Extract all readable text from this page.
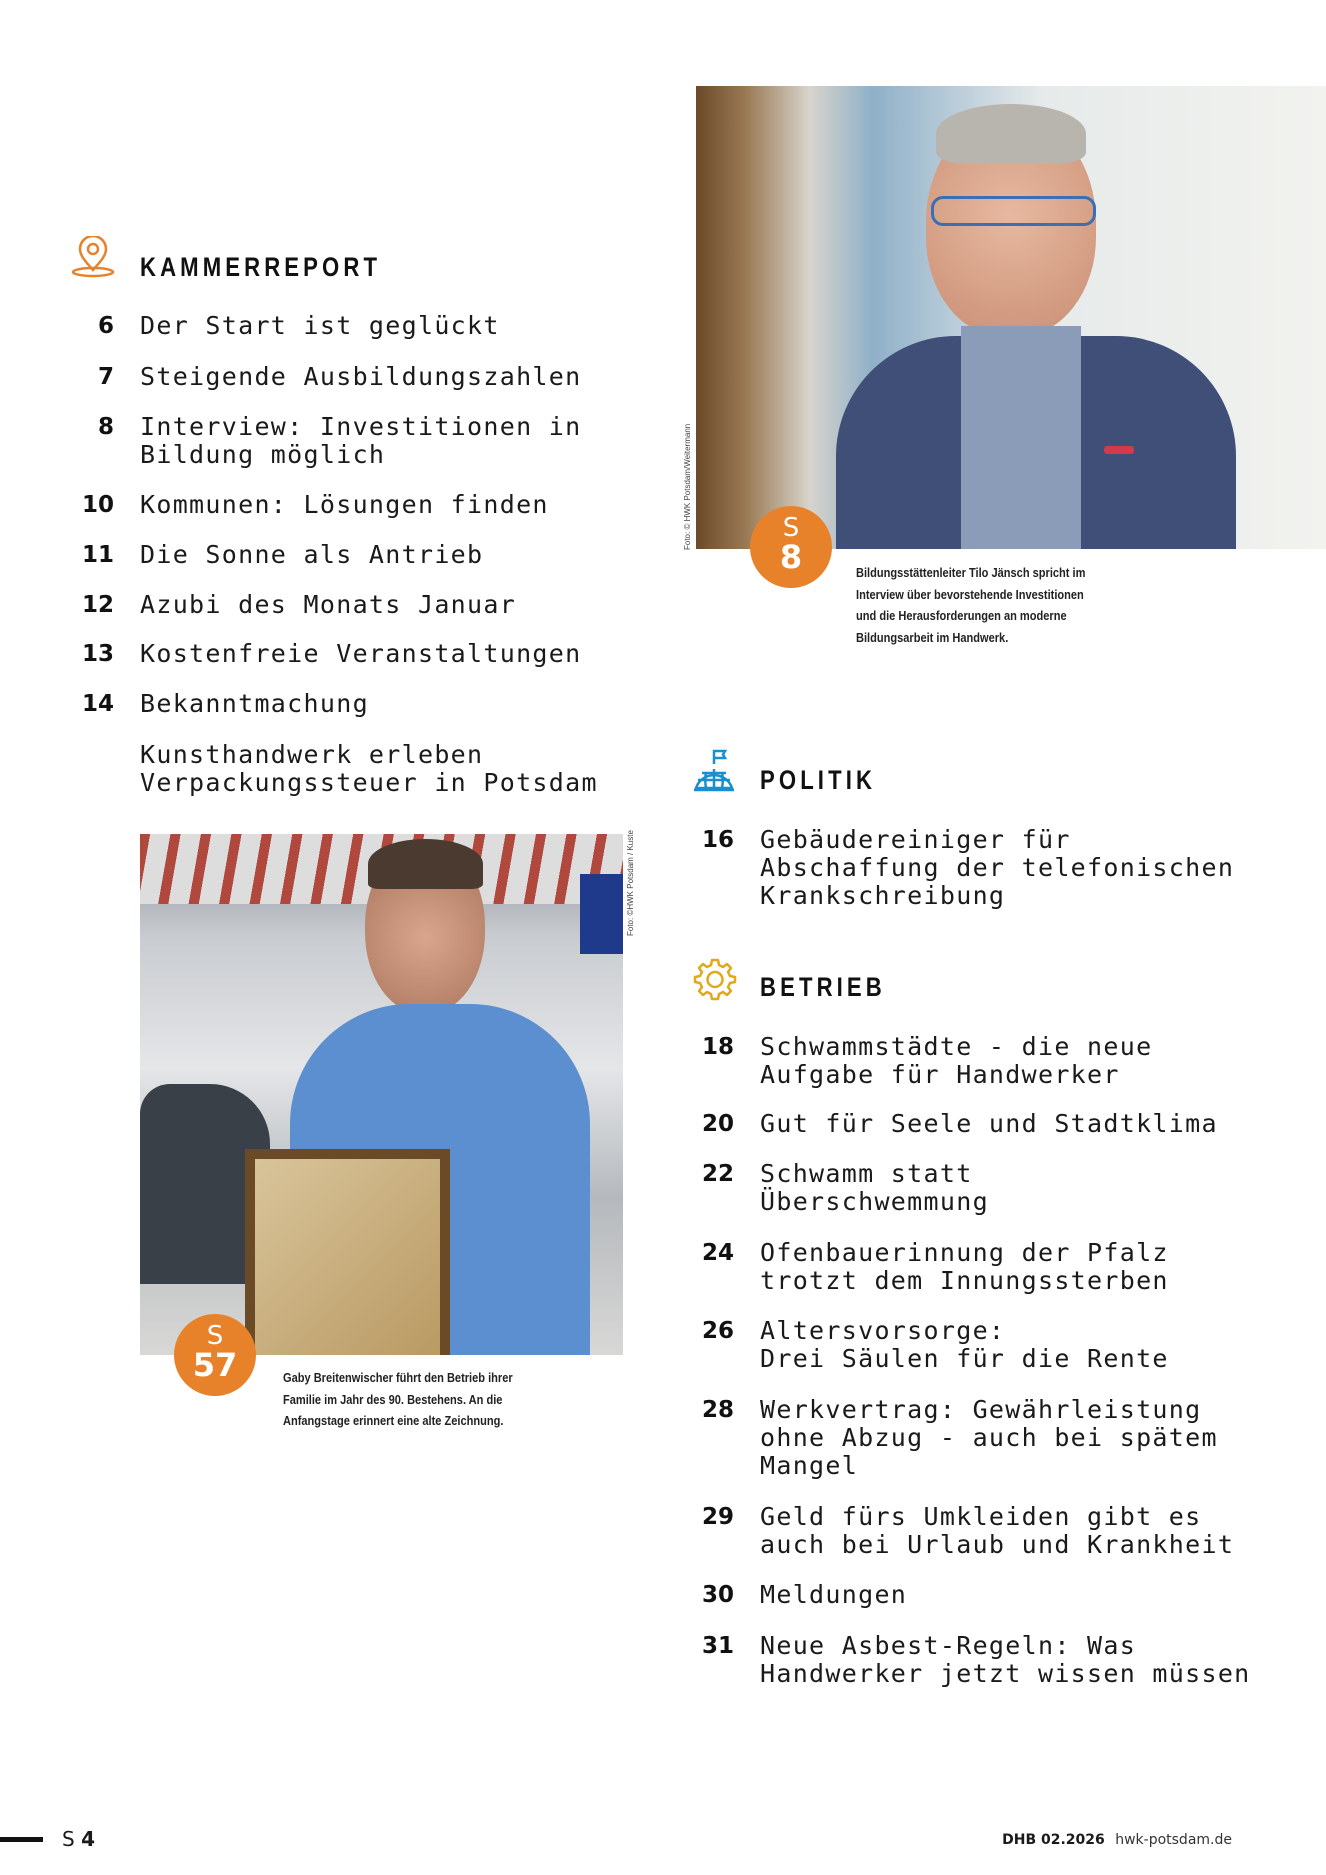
Foto: © HWK Potsdam/Weitermann	S
8	Bildungsstättenleiter Tilo Jänsch spricht im
Interview über bevorstehende Investitionen
und die Herausforderungen an moderne
Bildungsarbeit im Handwerk.
KAMMERREPORT
6 Der Start ist geglückt
7 Steigende Ausbildungszahlen
8 Interview: Investitionen in
Bildung möglich
10 Kommunen: Lösungen finden
11 Die Sonne als Antrieb
12 Azubi des Monats Januar
13 Kostenfreie Veranstaltungen
14 Bekanntmachung
Kunsthandwerk erleben
Verpackungssteuer in Potsdam
Foto: ©HWK Potsdam / Kuste
S
57	Gaby Breitenwischer führt den Betrieb ihrer
Familie im Jahr des 90. Bestehens. An die
Anfangstage erinnert eine alte Zeichnung.
POLITIK
16 Gebäudereiniger für
Abschaffung der telefonischen
Krankschreibung
BETRIEB
18 Schwammstädte - die neue
Aufgabe für Handwerker
20 Gut für Seele und Stadtklima
22 Schwamm statt
Überschwemmung
24 Ofenbauerinnung der Pfalz
trotzt dem Innungssterben
26 Altersvorsorge:
Drei Säulen für die Rente
28 Werkvertrag: Gewährleistung
ohne Abzug - auch bei spätem
Mangel
29 Geld fürs Umkleiden gibt es
auch bei Urlaub und Krankheit
30 Meldungen
31 Neue Asbest-Regeln: Was
Handwerker jetzt wissen müssen
S 4	DHB 02.2026 hwk-potsdam.de
